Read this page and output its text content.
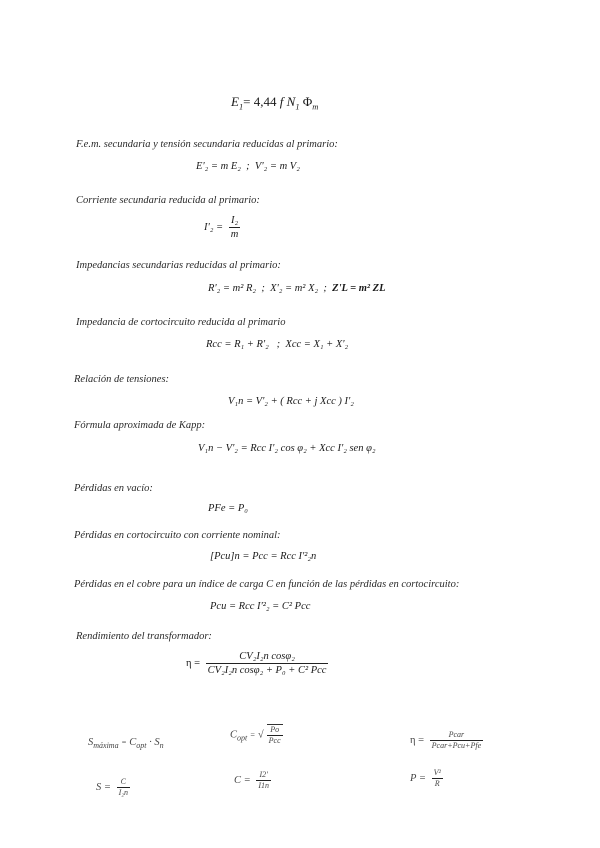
$E_1= 4,44$ f $N_1$ $\Phi_m$
F.e.m. secundaria y tensión secundaria reducidas al primario:
E'₂ = m E₂ ; V'₂ = m V₂
Corriente secundaria reducida al primario:
$I'_2 = \frac{\text{I₂}}{m}$
Impedancias secundarias reducidas al primario:
R'₂ = m² R₂ ; X'₂ = m² X₂ ; Z'L = m² ZL
Impedancia de cortocircuito reducida al primario
Rcc = R₁ + R'₂ ; Xcc = X₁ + X'₂
Relación de tensiones:
V₁n = V'₂ + ( Rcc + j Xcc ) I'₂
Fórmula aproximada de Kapp:
V₁n − V'₂ = Rcc I'₂ cos φ₂ + Xcc I'₂ sen φ₂
Pérdidas en vacío:
PFe = P₀
Pérdidas en cortocircuito con corriente nominal:
[Pcu]n = Pcc = Rcc I'²₂n
Pérdidas en el cobre para un índice de carga C en función de las pérdidas en cortocircuito:
Pcu = Rcc I'²₂ = C² Pcc
Rendimiento del transformador:
$\eta = \frac{\text{CV₂I₂n cosφ₂}}{\text{CV₂I₂n cosφ₂ + P₀ + C² Pcc}}$
$S_{máxima} = C_{opt} \cdot S_n$
$C_{opt}$ = √ $\frac{Po}{\text{Pcc}}$	$\eta = \frac{\text{Pcar}}{\text{Pcar+Pcu+Pfe}}$
$S = \frac{C}{\text{I₂n}}$	$C = \frac{I2'}{I1n}$	$P = \frac{\text{V²}}{R}$
